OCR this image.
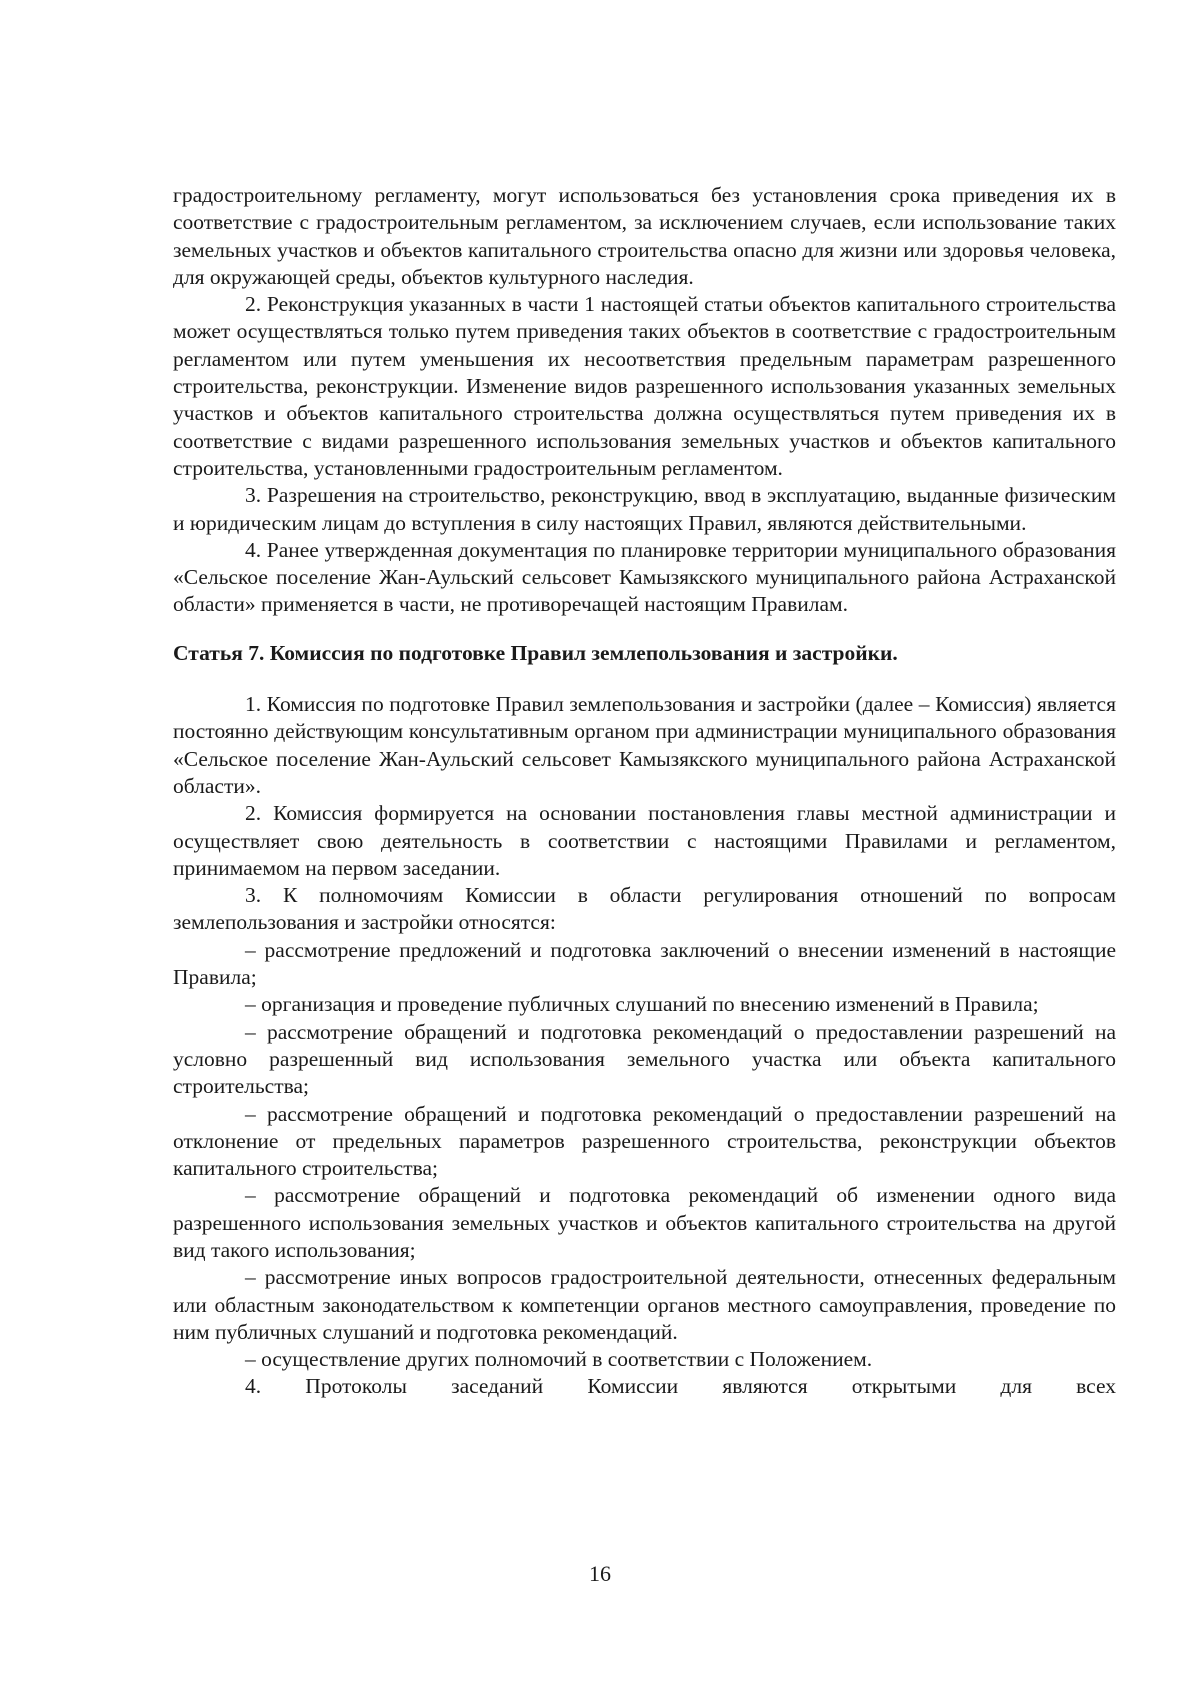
градостроительному регламенту, могут использоваться без установления срока приведения их в соответствие с градостроительным регламентом, за исключением случаев, если использование таких земельных участков и объектов капитального строительства опасно для жизни или здоровья человека, для окружающей среды, объектов культурного наследия.

2. Реконструкция указанных в части 1 настоящей статьи объектов капитального строительства может осуществляться только путем приведения таких объектов в соответствие с градостроительным регламентом или путем уменьшения их несоответствия предельным параметрам разрешенного строительства, реконструкции. Изменение видов разрешенного использования указанных земельных участков и объектов капитального строительства должна осуществляться путем приведения их в соответствие с видами разрешенного использования земельных участков и объектов капитального строительства, установленными градостроительным регламентом.

3. Разрешения на строительство, реконструкцию, ввод в эксплуатацию, выданные физическим и юридическим лицам до вступления в силу настоящих Правил, являются действительными.

4. Ранее утвержденная документация по планировке территории муниципального образования «Сельское поселение Жан-Аульский сельсовет Камызякского муниципального района Астраханской области» применяется в части, не противоречащей настоящим Правилам.

Статья 7. Комиссия по подготовке Правил землепользования и застройки.

1. Комиссия по подготовке Правил землепользования и застройки (далее – Комиссия) является постоянно действующим консультативным органом при администрации муниципального образования «Сельское поселение Жан-Аульский сельсовет Камызякского муниципального района Астраханской области».

2. Комиссия формируется на основании постановления главы местной администрации и осуществляет свою деятельность в соответствии с настоящими Правилами и регламентом, принимаемом на первом заседании.

3. К полномочиям Комиссии в области регулирования отношений по вопросам землепользования и застройки относятся:

– рассмотрение предложений и подготовка заключений о внесении изменений в настоящие Правила;

– организация и проведение публичных слушаний по внесению изменений в Правила;

– рассмотрение обращений и подготовка рекомендаций о предоставлении разрешений на условно разрешенный вид использования земельного участка или объекта капитального строительства;

– рассмотрение обращений и подготовка рекомендаций о предоставлении разрешений на отклонение от предельных параметров разрешенного строительства, реконструкции объектов капитального строительства;

– рассмотрение обращений и подготовка рекомендаций об изменении одного вида разрешенного использования земельных участков и объектов капитального строительства на другой вид такого использования;

– рассмотрение иных вопросов градостроительной деятельности, отнесенных федеральным или областным законодательством к компетенции органов местного самоуправления, проведение по ним публичных слушаний и подготовка рекомендаций.

– осуществление других полномочий в соответствии с Положением.

4. Протоколы заседаний Комиссии являются открытыми для всех

16
